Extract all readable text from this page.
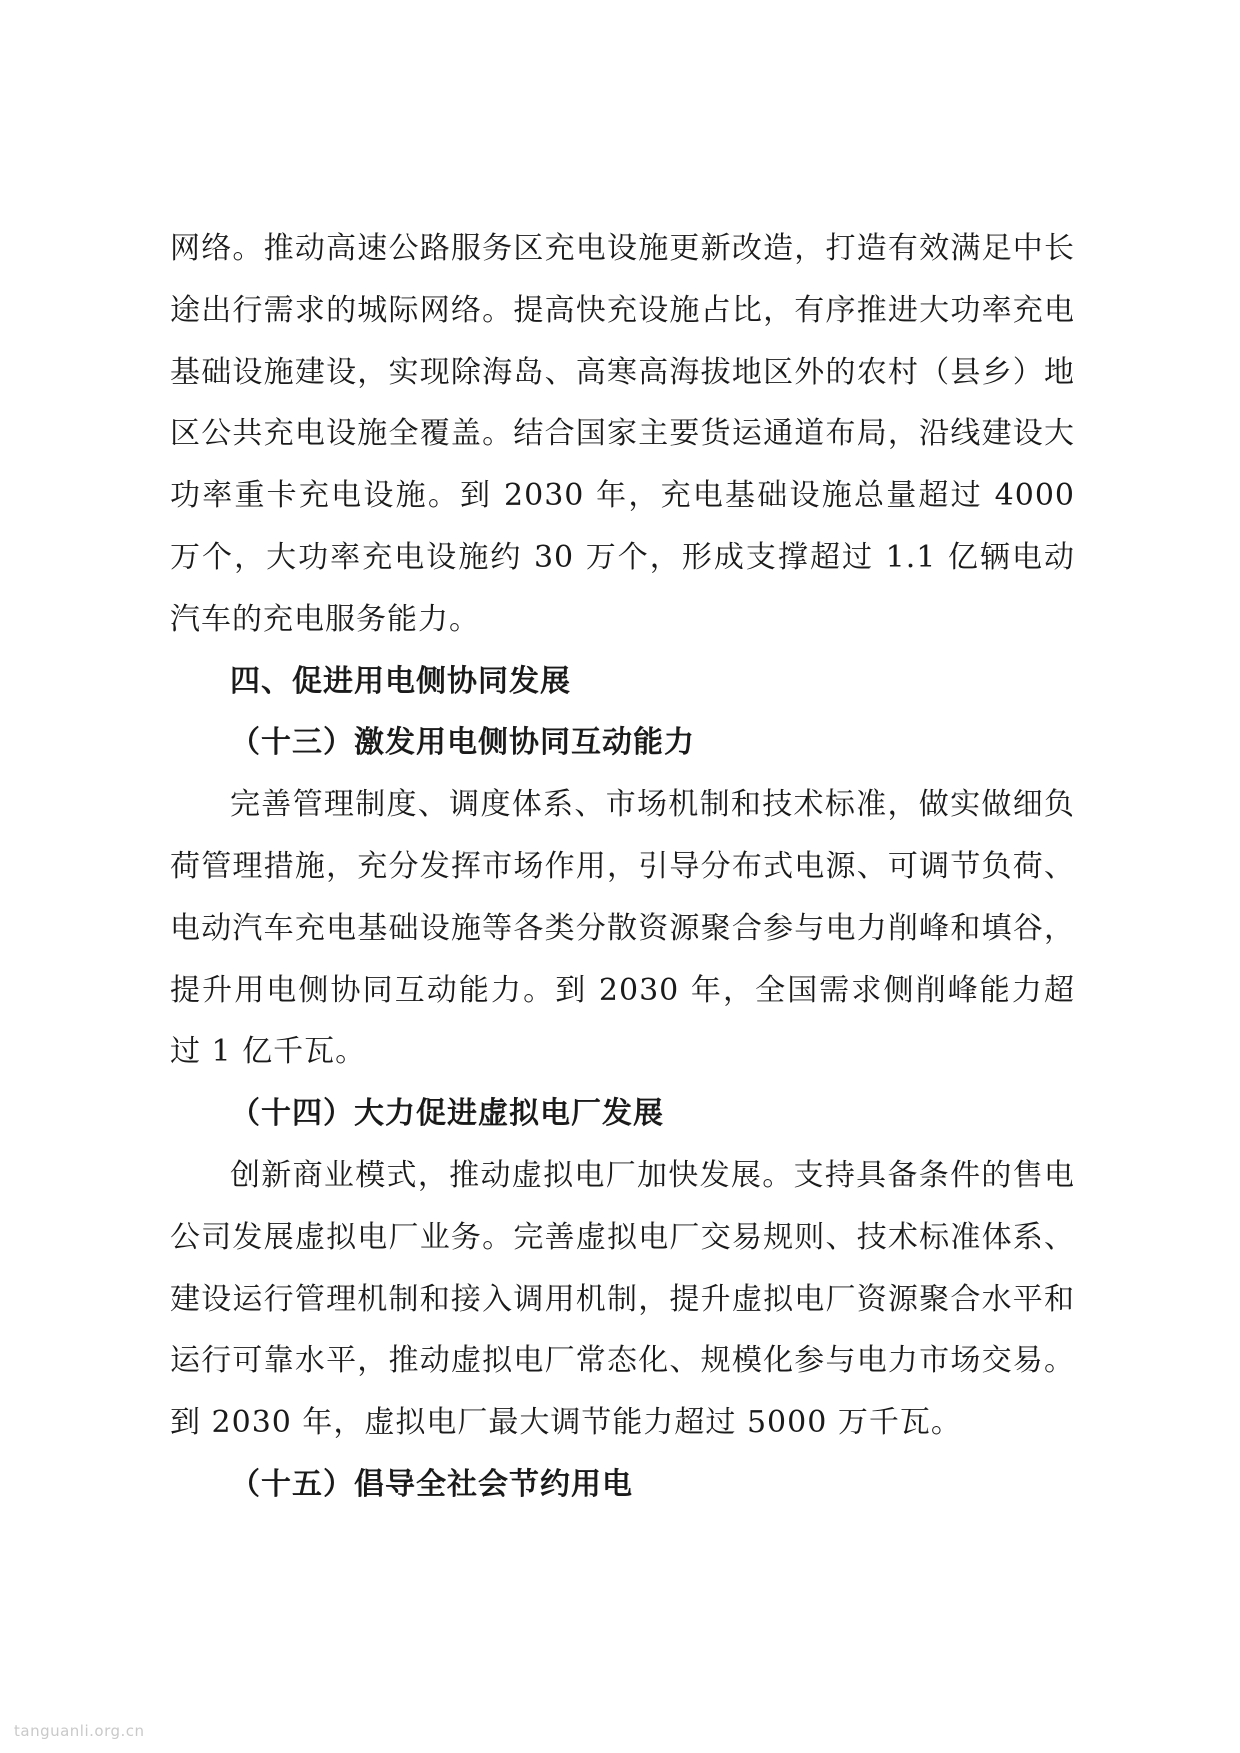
网络。推动高速公路服务区充电设施更新改造，打造有效满足中长途出行需求的城际网络。提高快充设施占比，有序推进大功率充电基础设施建设，实现除海岛、高寒高海拔地区外的农村（县乡）地区公共充电设施全覆盖。结合国家主要货运通道布局，沿线建设大功率重卡充电设施。到 2030 年，充电基础设施总量超过 4000 万个，大功率充电设施约 30 万个，形成支撑超过 1.1 亿辆电动汽车的充电服务能力。

四、促进用电侧协同发展
（十三）激发用电侧协同互动能力

完善管理制度、调度体系、市场机制和技术标准，做实做细负荷管理措施，充分发挥市场作用，引导分布式电源、可调节负荷、电动汽车充电基础设施等各类分散资源聚合参与电力削峰和填谷，提升用电侧协同互动能力。到 2030 年，全国需求侧削峰能力超过 1 亿千瓦。

（十四）大力促进虚拟电厂发展

创新商业模式，推动虚拟电厂加快发展。支持具备条件的售电公司发展虚拟电厂业务。完善虚拟电厂交易规则、技术标准体系、建设运行管理机制和接入调用机制，提升虚拟电厂资源聚合水平和运行可靠水平，推动虚拟电厂常态化、规模化参与电力市场交易。到 2030 年，虚拟电厂最大调节能力超过 5000 万千瓦。

（十五）倡导全社会节约用电
tanguanli.org.cn
